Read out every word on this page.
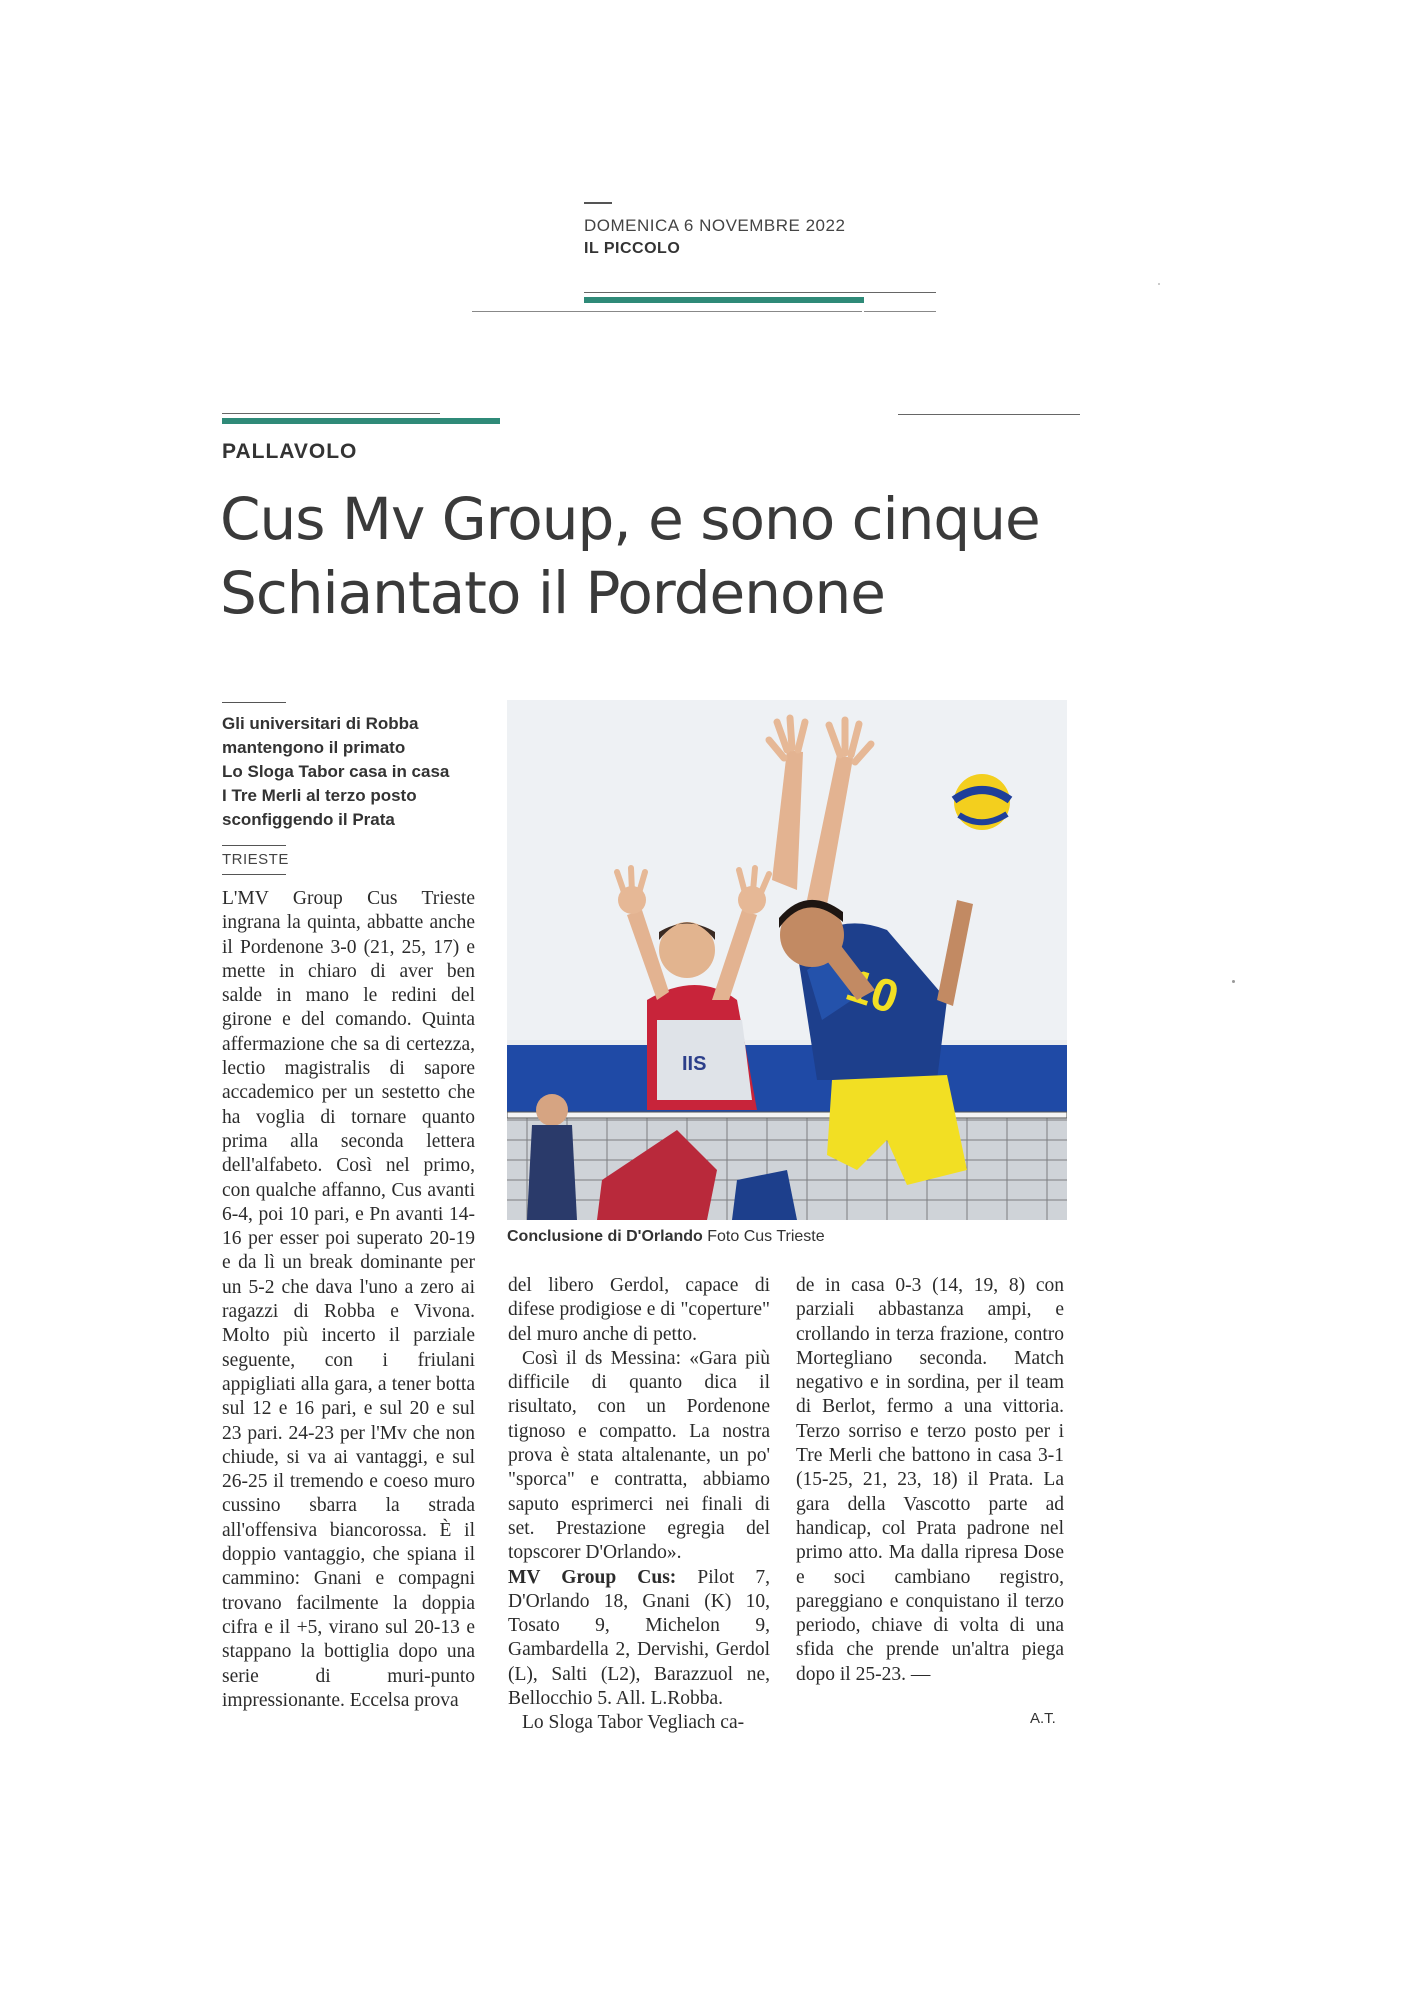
DOMENICA 6 NOVEMBRE 2022
IL PICCOLO
PALLAVOLO
Cus Mv Group, e sono cinque
Schiantato il Pordenone
Gli universitari di Robba
mantengono il primato
Lo Sloga Tabor casa in casa
I Tre Merli al terzo posto
sconfiggendo il Prata
TRIESTE

L'MV Group Cus Trieste ingrana la quinta, abbatte anche il Pordenone 3-0 (21, 25, 17) e mette in chiaro di aver ben salde in mano le redini del girone e del comando. Quinta affermazione che sa di certezza, lectio magistralis di sapore accademico per un sestetto che ha voglia di tornare quanto prima alla seconda lettera dell'alfabeto. Così nel primo, con qualche affanno, Cus avanti 6-4, poi 10 pari, e Pn avanti 14-16 per esser poi superato 20-19 e da lì un break dominante per un 5-2 che dava l'uno a zero ai ragazzi di Robba e Vivona. Molto più incerto il parziale seguente, con i friulani appigliati alla gara, a tener botta sul 12 e 16 pari, e sul 20 e sul 23 pari. 24-23 per l'Mv che non chiude, si va ai vantaggi, e sul 26-25 il tremendo e coeso muro cussino sbarra la strada all'offensiva biancorossa. È il doppio vantaggio, che spiana il cammino: Gnani e compagni trovano facilmente la doppia cifra e il +5, virano sul 20-13 e stappano la bottiglia dopo una serie di muri-punto impressionante. Eccelsa prova

del libero Gerdol, capace di difese prodigiose e di "coperture" del muro anche di petto.

Così il ds Messina: «Gara più difficile di quanto dica il risultato, con un Pordenone tignoso e compatto. La nostra prova è stata altalenante, un po' "sporca" e contratta, abbiamo saputo esprimerci nei finali di set. Prestazione egregia del topscorer D'Orlando».

MV Group Cus: Pilot 7, D'Orlando 18, Gnani (K) 10, Tosato 9, Michelon 9, Gambardella 2, Dervishi, Gerdol (L), Salti (L2), Barazzuol ne, Bellocchio 5. All. L.Robba.

Lo Sloga Tabor Vegliach ca-

de in casa 0-3 (14, 19, 8) con parziali abbastanza ampi, e crollando in terza frazione, contro Mortegliano seconda. Match negativo e in sordina, per il team di Berlot, fermo a una vittoria. Terzo sorriso e terzo posto per i Tre Merli che battono in casa 3-1 (15-25, 21, 23, 18) il Prata. La gara della Vascotto parte ad handicap, col Prata padrone nel primo atto. Ma dalla ripresa Dose e soci cambiano registro, pareggiano e conquistano il terzo periodo, chiave di volta di una sfida che prende un'altra piega dopo il 25-23. —

A.T.
IIS
Conclusione di D'Orlando Foto Cus Trieste
